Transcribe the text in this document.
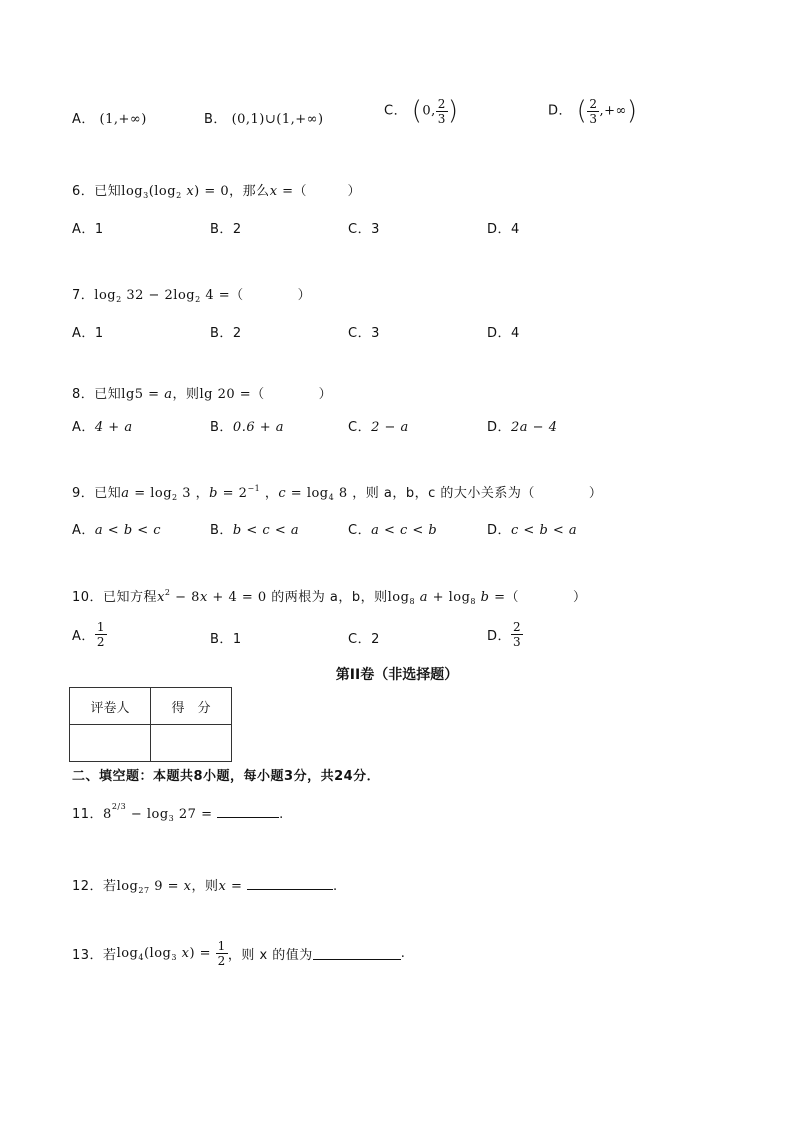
A． (1,+∞)	B． (0,1)∪(1,+∞)
C． (0, $\frac{2}{3}$ )	D． ( $\frac{2}{3}$ ,+∞)
6．已知$\log_3(\log_2$ x) = 0，那么x =（　　　）
A．1	B．2	C．3	D．4
7．$\log_2 32 - 2\log_2$ 4 =（　　　　）
A．1	B．2	C．3	D．4
8．已知lg5 = a，则lg 20 =（　　　　）
A．4 + a	B．0.6 + a	C．2 − a	D．2a − 4
9．已知$a = \log_2 3$ ，$b = 2^{-1}$ ，$c = \log_4 8$ ，则 a，b，c 的大小关系为（　　　　）
A．a < b < c	B．b < c < a	C．a < c < b	D．c < b < a
10．已知方程$x^2 - 8x + 4 = 0$ 的两根为 a，b，则$\log_8 a + \log_8 b$ =（　　　　）
A． $\frac{1}{2}$	B．1	C．2	D． $\frac{2}{3}$
第II卷（非选择题）
评卷人	得　分

二、填空题：本题共8小题，每小题3分，共24分．
11．$8^{2/3} - \log_3 27$ =	.
12．若$\log_{27} 9 = x$，则x =	.
13．若$\log_4(\log_3$ $x) = \frac{1}{2}$ ，则 x 的值为	.
